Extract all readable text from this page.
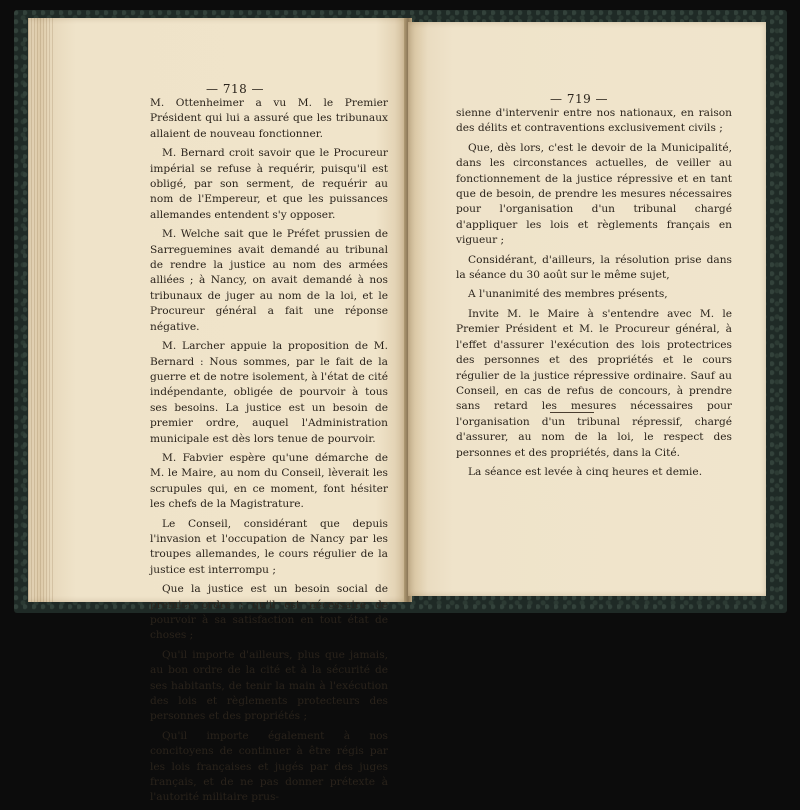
— 718 —

M. Ottenheimer a vu M. le Premier Président qui lui a assuré que les tribunaux allaient de nouveau fonctionner.

M. Bernard croit savoir que le Procureur impérial se refuse à requérir, puisqu'il est obligé, par son serment, de requérir au nom de l'Empereur, et que les puissances allemandes entendent s'y opposer.

M. Welche sait que le Préfet prussien de Sarreguemines avait demandé au tribunal de rendre la justice au nom des armées alliées ; à Nancy, on avait demandé à nos tribunaux de juger au nom de la loi, et le Procureur général a fait une réponse négative.

M. Larcher appuie la proposition de M. Bernard : Nous sommes, par le fait de la guerre et de notre isolement, à l'état de cité indépendante, obligée de pourvoir à tous ses besoins. La justice est un besoin de premier ordre, auquel l'Administration municipale est dès lors tenue de pourvoir.

M. Fabvier espère qu'une démarche de M. le Maire, au nom du Conseil, lèverait les scrupules qui, en ce moment, font hésiter les chefs de la Magistrature.

Le Conseil, considérant que depuis l'invasion et l'occupation de Nancy par les troupes allemandes, le cours régulier de la justice est interrompu ;

Que la justice est un besoin social de premier ordre ; qu'il est nécessaire de pourvoir à sa satisfaction en tout état de choses ;

Qu'il importe d'ailleurs, plus que jamais, au bon ordre de la cité et à la sécurité de ses habitants, de tenir la main à l'exécution des lois et règlements protecteurs des personnes et des propriétés ;

Qu'il importe également à nos concitoyens de continuer à être régis par les lois françaises et jugés par des juges français, et de ne pas donner prétexte à l'autorité militaire prus-

— 719 —

sienne d'intervenir entre nos nationaux, en raison des délits et contraventions exclusivement civils ;

Que, dès lors, c'est le devoir de la Municipalité, dans les circonstances actuelles, de veiller au fonctionnement de la justice répressive et en tant que de besoin, de prendre les mesures nécessaires pour l'organisation d'un tribunal chargé d'appliquer les lois et règlements français en vigueur ;

Considérant, d'ailleurs, la résolution prise dans la séance du 30 août sur le même sujet,

A l'unanimité des membres présents,

Invite M. le Maire à s'entendre avec M. le Premier Président et M. le Procureur général, à l'effet d'assurer l'exécution des lois protectrices des personnes et des propriétés et le cours régulier de la justice répressive ordinaire. Sauf au Conseil, en cas de refus de concours, à prendre sans retard les mesures nécessaires pour l'organisation d'un tribunal répressif, chargé d'assurer, au nom de la loi, le respect des personnes et des propriétés, dans la Cité.

La séance est levée à cinq heures et demie.
